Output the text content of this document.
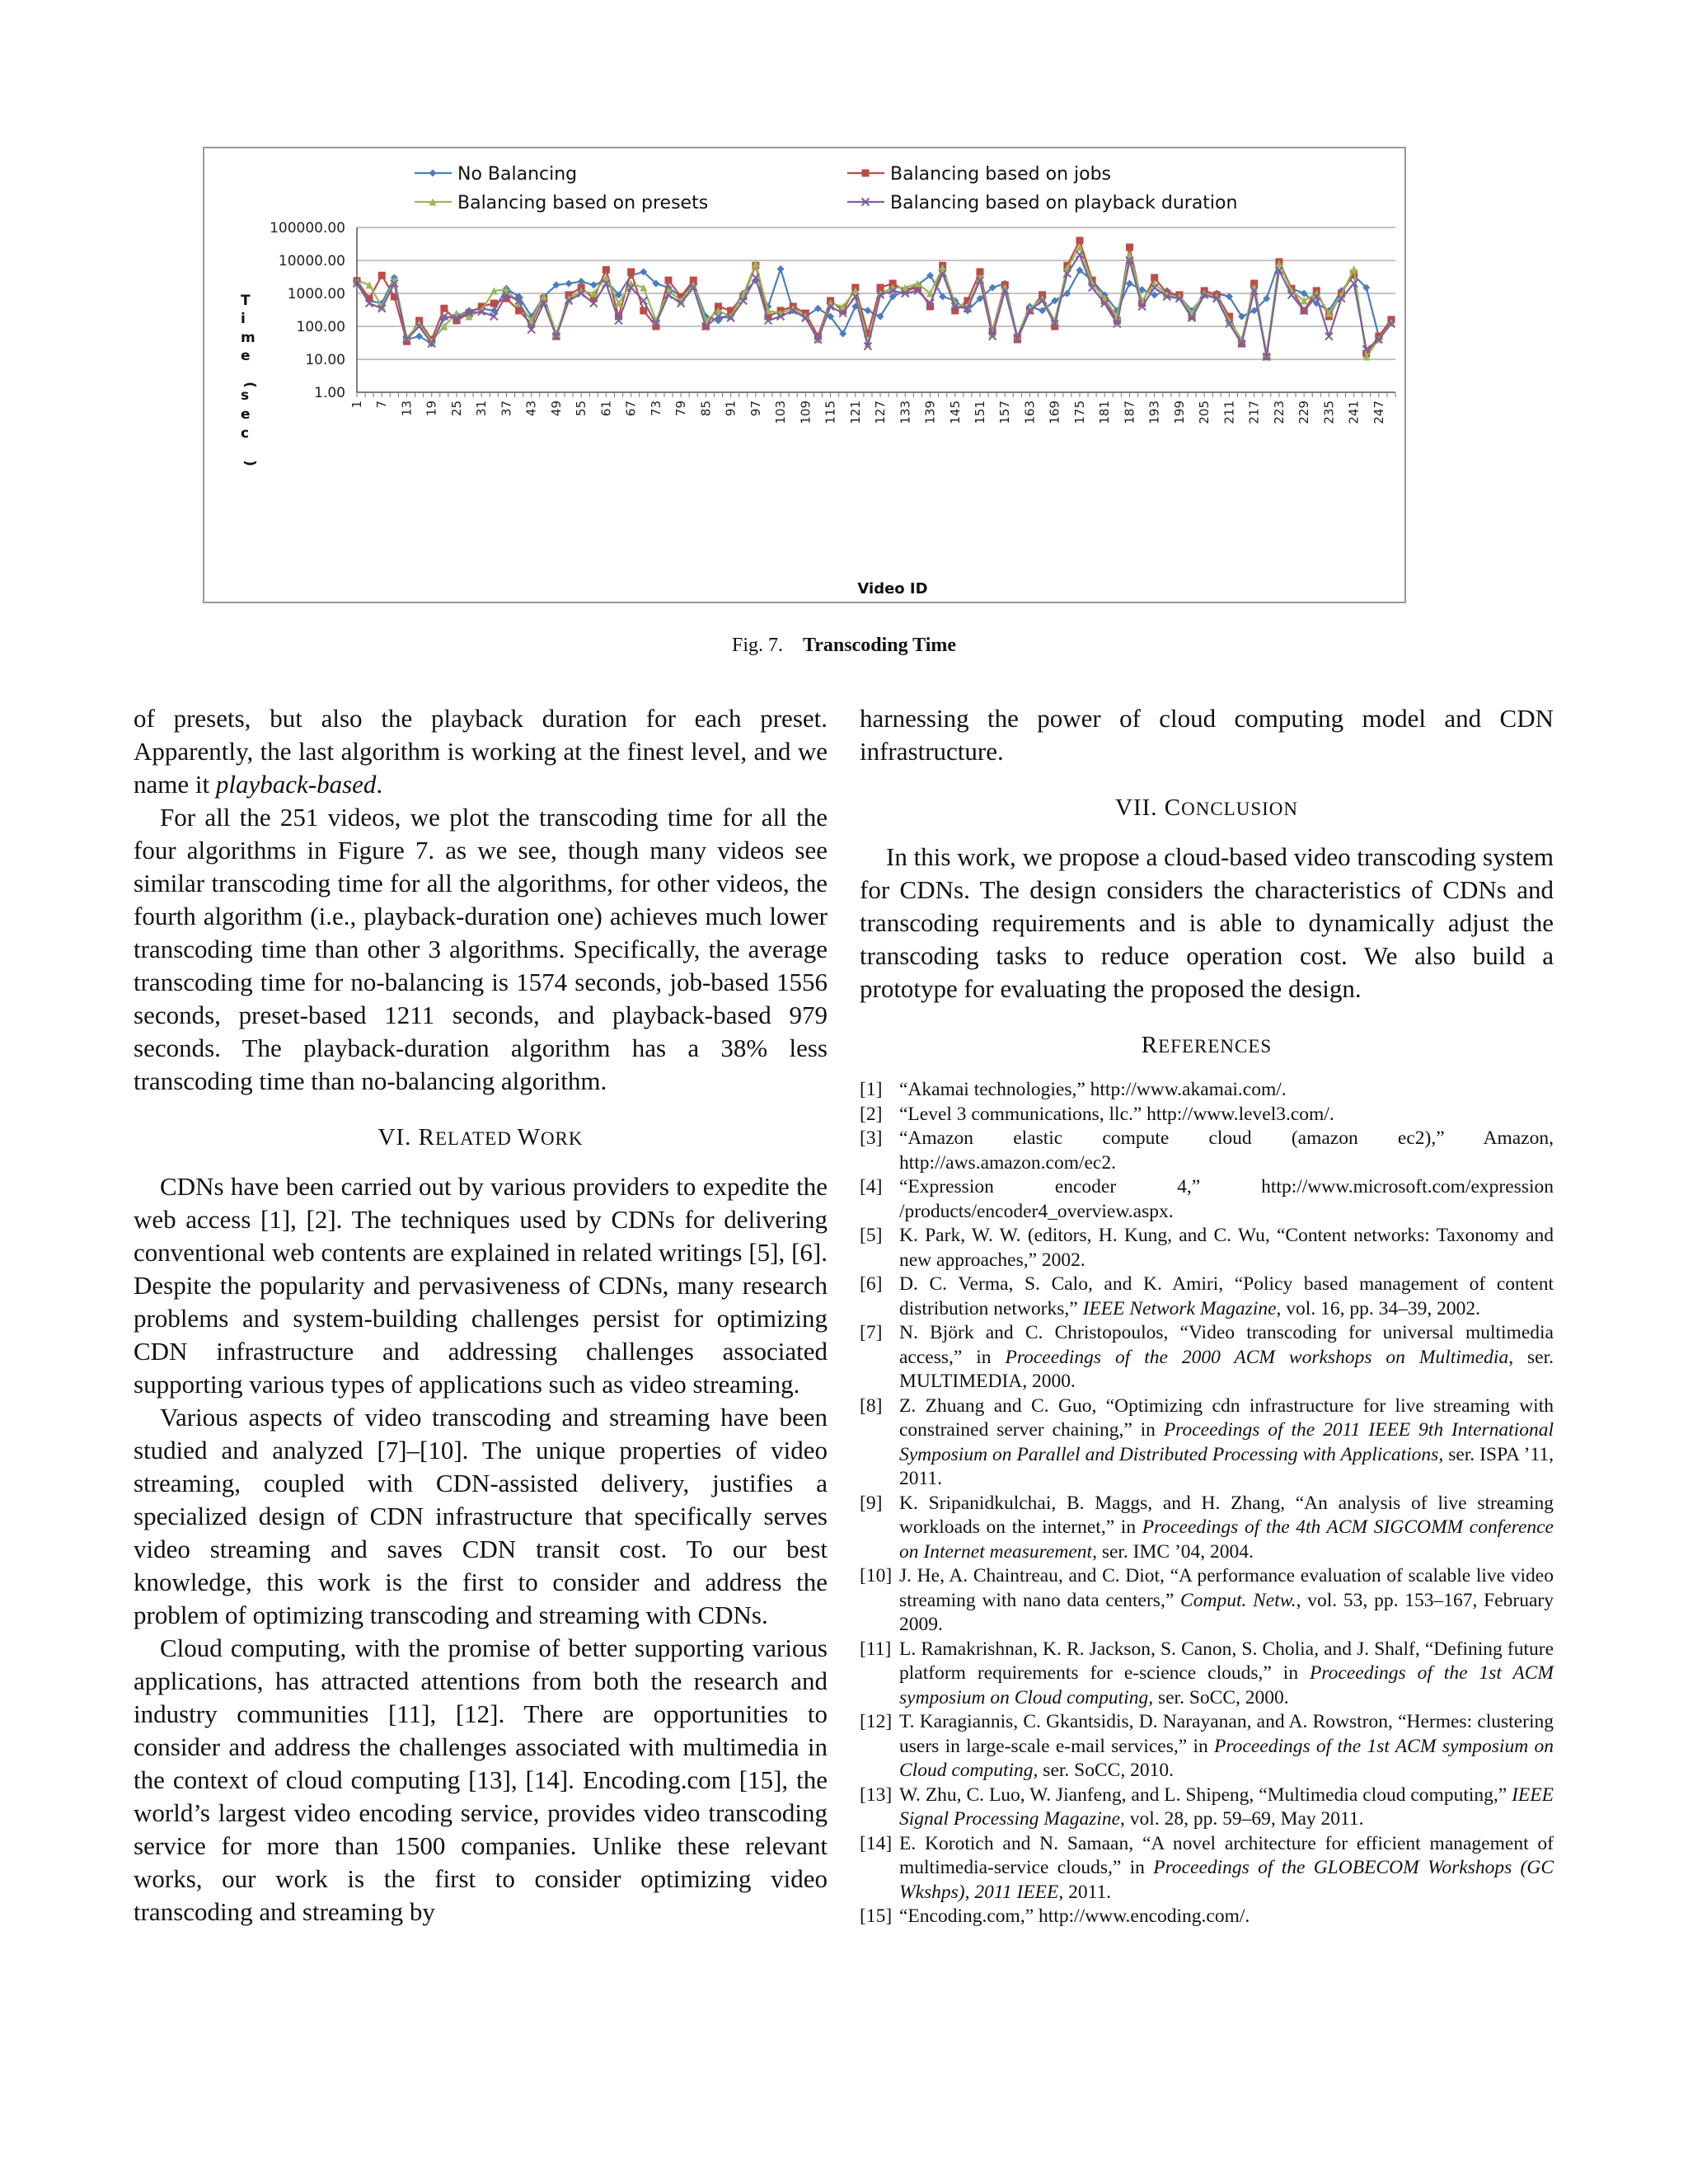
100000.00
10000.00
1000.00
100.00
10.00
1.00
1 7 13 19 25 31 37 43 49 55 61 67 73 79 85 91 97 103 109 115 121 127 133 139 145 151 157 163 169 175 181 187 193 199 205 211 217 223 229 235 241 247
Video ID
T
i
m
e
(
s
e
c
)
No Balancing	Balancing based on jobs
Balancing based on presets	Balancing based on playback duration
Fig. 7. Transcoding Time

of presets, but also the playback duration for each preset. Apparently, the last algorithm is working at the finest level, and we name it playback-based.

For all the 251 videos, we plot the transcoding time for all the four algorithms in Figure 7. as we see, though many videos see similar transcoding time for all the algorithms, for other videos, the fourth algorithm (i.e., playback-duration one) achieves much lower transcoding time than other 3 algorithms. Specifically, the average transcoding time for no-balancing is 1574 seconds, job-based 1556 seconds, preset-based 1211 seconds, and playback-based 979 seconds. The playback-duration algorithm has a 38% less transcoding time than no-balancing algorithm.

VI. RELATED WORK

CDNs have been carried out by various providers to expedite the web access [1], [2]. The techniques used by CDNs for delivering conventional web contents are explained in related writings [5], [6]. Despite the popularity and pervasiveness of CDNs, many research problems and system-building challenges persist for optimizing CDN infrastructure and addressing challenges associated supporting various types of applications such as video streaming.

Various aspects of video transcoding and streaming have been studied and analyzed [7]–[10]. The unique properties of video streaming, coupled with CDN-assisted delivery, justifies a specialized design of CDN infrastructure that specifically serves video streaming and saves CDN transit cost. To our best knowledge, this work is the first to consider and address the problem of optimizing transcoding and streaming with CDNs.

Cloud computing, with the promise of better supporting various applications, has attracted attentions from both the research and industry communities [11], [12]. There are opportunities to consider and address the challenges associated with multimedia in the context of cloud computing [13], [14]. Encoding.com [15], the world’s largest video encoding service, provides video transcoding service for more than 1500 companies. Unlike these relevant works, our work is the first to consider optimizing video transcoding and streaming by

harnessing the power of cloud computing model and CDN infrastructure.

VII. CONCLUSION

In this work, we propose a cloud-based video transcoding system for CDNs. The design considers the characteristics of CDNs and transcoding requirements and is able to dynamically adjust the transcoding tasks to reduce operation cost. We also build a prototype for evaluating the proposed the design.

REFERENCES
[1] “Akamai technologies,” http://www.akamai.com/.
[2] “Level 3 communications, llc.” http://www.level3.com/.
[3] “Amazon elastic compute cloud (amazon ec2),” Amazon, http://aws.amazon.com/ec2.
[4] “Expression encoder 4,” http://www.microsoft.com/expression /products/encoder4_overview.aspx.
[5] K. Park, W. W. (editors, H. Kung, and C. Wu, “Content networks: Taxonomy and new approaches,” 2002.
[6] D. C. Verma, S. Calo, and K. Amiri, “Policy based management of content distribution networks,” IEEE Network Magazine, vol. 16, pp. 34–39, 2002.
[7] N. Björk and C. Christopoulos, “Video transcoding for universal multimedia access,” in Proceedings of the 2000 ACM workshops on Multimedia, ser. MULTIMEDIA, 2000.
[8] Z. Zhuang and C. Guo, “Optimizing cdn infrastructure for live streaming with constrained server chaining,” in Proceedings of the 2011 IEEE 9th International Symposium on Parallel and Distributed Processing with Applications, ser. ISPA ’11, 2011.
[9] K. Sripanidkulchai, B. Maggs, and H. Zhang, “An analysis of live streaming workloads on the internet,” in Proceedings of the 4th ACM SIGCOMM conference on Internet measurement, ser. IMC ’04, 2004.
[10] J. He, A. Chaintreau, and C. Diot, “A performance evaluation of scalable live video streaming with nano data centers,” Comput. Netw., vol. 53, pp. 153–167, February 2009.
[11] L. Ramakrishnan, K. R. Jackson, S. Canon, S. Cholia, and J. Shalf, “Defining future platform requirements for e-science clouds,” in Proceedings of the 1st ACM symposium on Cloud computing, ser. SoCC, 2000.
[12] T. Karagiannis, C. Gkantsidis, D. Narayanan, and A. Rowstron, “Hermes: clustering users in large-scale e-mail services,” in Proceedings of the 1st ACM symposium on Cloud computing, ser. SoCC, 2010.
[13] W. Zhu, C. Luo, W. Jianfeng, and L. Shipeng, “Multimedia cloud computing,” IEEE Signal Processing Magazine, vol. 28, pp. 59–69, May 2011.
[14] E. Korotich and N. Samaan, “A novel architecture for efficient management of multimedia-service clouds,” in Proceedings of the GLOBECOM Workshops (GC Wkshps), 2011 IEEE, 2011.
[15] “Encoding.com,” http://www.encoding.com/.
